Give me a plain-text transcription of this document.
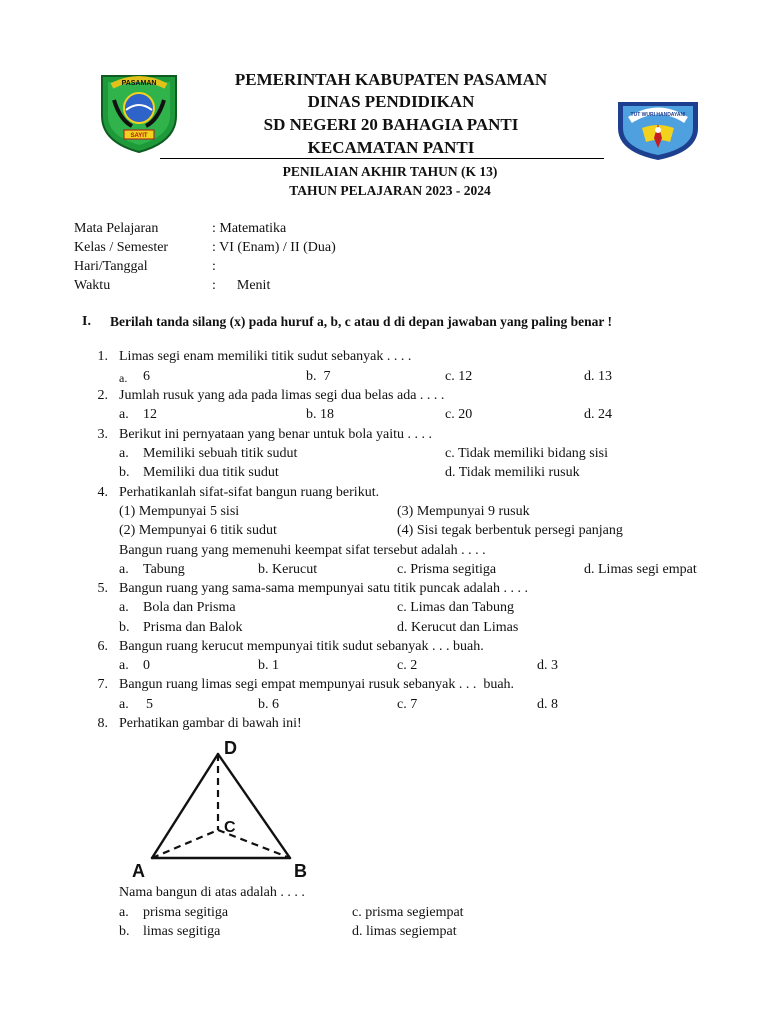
PASAMAN
SAYIT
TUT WURI HANDAYANI
PEMERINTAH KABUPATEN PASAMAN
DINAS PENDIDIKAN
SD NEGERI 20 BAHAGIA PANTI
KECAMATAN PANTI
PENILAIAN AKHIR TAHUN (K 13)
TAHUN PELAJARAN 2023 - 2024
Mata Pelajaran	: Matematika
Kelas / Semester	: VI (Enam) / II (Dua)
Hari/Tanggal	:
Waktu	:      Menit
I. Berilah tanda silang (x) pada huruf a, b, c atau d di depan jawaban yang paling benar !
1. Limas segi enam memiliki titik sudut sebanyak . . . .
a. 6	b.  7	c. 12	d. 13
2. Jumlah rusuk yang ada pada limas segi dua belas ada . . . .
a. 12	b. 18	c. 20	d. 24
3. Berikut ini pernyataan yang benar untuk bola yaitu . . . .
a. Memiliki sebuah titik sudut	c. Tidak memiliki bidang sisi
b. Memiliki dua titik sudut	d. Tidak memiliki rusuk
4. Perhatikanlah sifat-sifat bangun ruang berikut.
(1) Mempunyai 5 sisi	(3) Mempunyai 9 rusuk
(2) Mempunyai 6 titik sudut	(4) Sisi tegak berbentuk persegi panjang
Bangun ruang yang memenuhi keempat sifat tersebut adalah . . . .
a. Tabung	b. Kerucut	c. Prisma segitiga	d. Limas segi empat
5. Bangun ruang yang sama-sama mempunyai satu titik puncak adalah . . . .
a. Bola dan Prisma	c. Limas dan Tabung
b. Prisma dan Balok	d. Kerucut dan Limas
6. Bangun ruang kerucut mempunyai titik sudut sebanyak . . . buah.
a. 0	b. 1	c. 2	d. 3
7. Bangun ruang limas segi empat mempunyai rusuk sebanyak . . .  buah.
a. 5	b. 6	c. 7	d. 8
8. Perhatikan gambar di bawah ini!
D
C
A	B
Nama bangun di atas adalah . . . .
a. prisma segitiga	c. prisma segiempat
b. limas segitiga	d. limas segiempat
